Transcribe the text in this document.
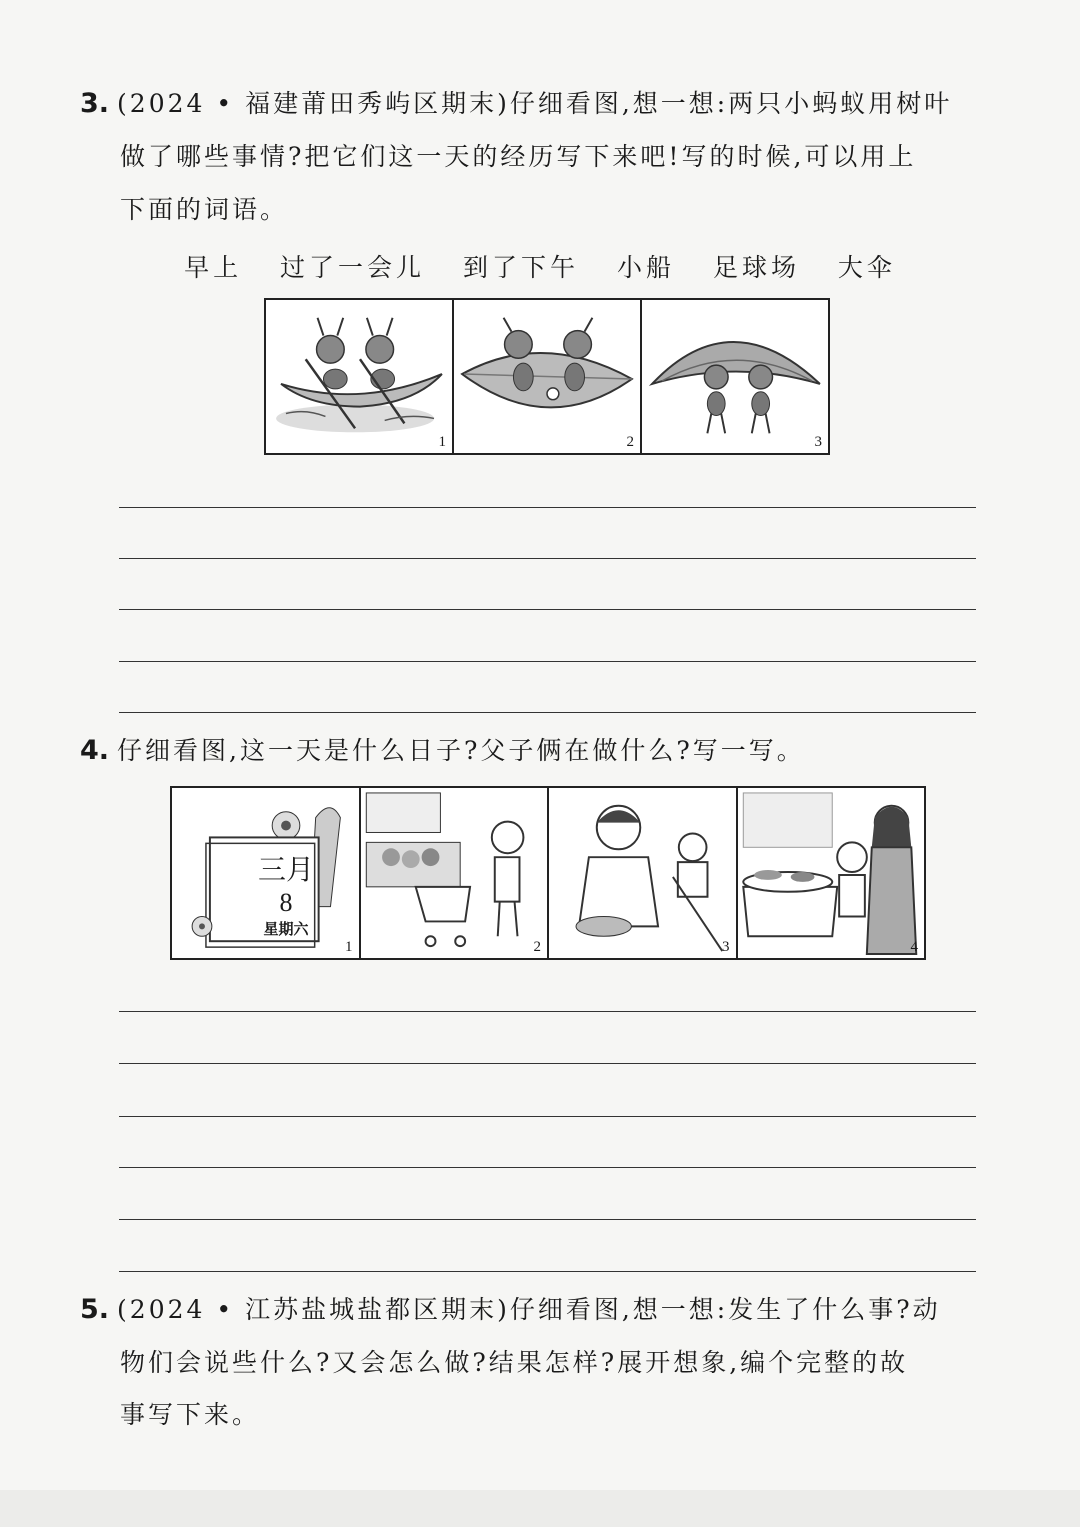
3. (2024 • 福建莆田秀屿区期末)仔细看图,想一想:两只小蚂蚁用树叶
做了哪些事情?把它们这一天的经历写下来吧!写的时候,可以用上
下面的词语。
早上 过了一会儿 到了下午 小船 足球场 大伞
1	2	3
4. 仔细看图,这一天是什么日子?父子俩在做什么?写一写。
三月
8
星期六
1	2	3	4
5. (2024 • 江苏盐城盐都区期末)仔细看图,想一想:发生了什么事?动
物们会说些什么?又会怎么做?结果怎样?展开想象,编个完整的故
事写下来。
